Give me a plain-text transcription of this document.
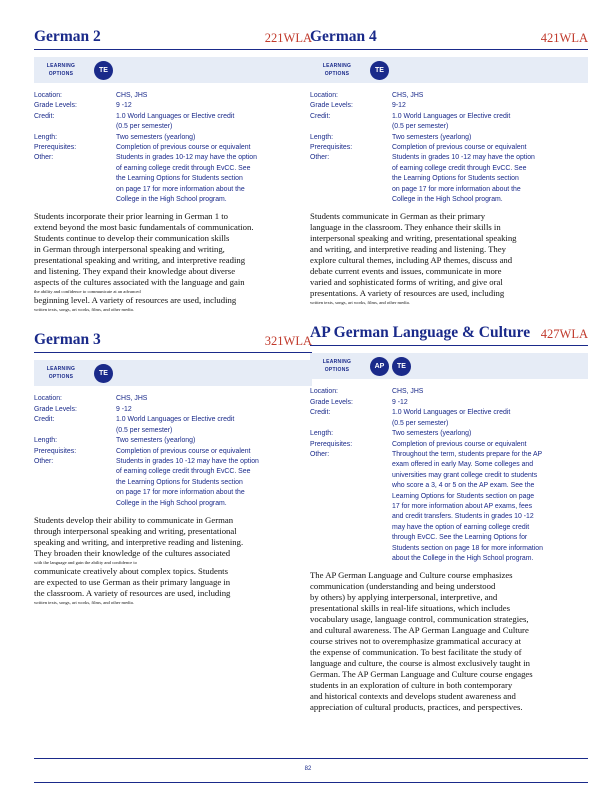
German 2	221WLA
LEARNING
OPTIONS
TE
Location:	CHS, JHS
Grade Levels:	9 -12
Credit:	1.0 World Languages or Elective credit
(0.5 per semester)
Length:	Two semesters (yearlong)
Prerequisites:	Completion of previous course or equivalent
Other:	Students in grades 10-12 may have the option
of earning college credit through EvCC. See
the Learning Options for Students section
on page 17 for more information about the
College in the High School program.
Students incorporate their prior learning in German 1 to
extend beyond the most basic fundamentals of communication.
Students continue to develop their communication skills
in German through interpersonal speaking and writing,
presentational speaking and writing, and interpretive reading
and listening. They expand their knowledge about diverse
aspects of the cultures associated with the language and gain
the ability and confidence to communicate at an advanced
beginning level. A variety of resources are used, including
written texts, songs, art works, films, and other media.
German 3	321WLA
LEARNING
OPTIONS
TE
Location:	CHS, JHS
Grade Levels:	9 -12
Credit:	1.0 World Languages or Elective credit
(0.5 per semester)
Length:	Two semesters (yearlong)
Prerequisites:	Completion of previous course or equivalent
Other:	Students in grades 10 -12 may have the option
of earning college credit through EvCC. See
the Learning Options for Students section
on page 17 for more information about the
College in the High School program.
Students develop their ability to communicate in German
through interpersonal speaking and writing, presentational
speaking and writing, and interpretive reading and listening.
They broaden their knowledge of the cultures associated
with the language and gain the ability and confidence to
communicate creatively about complex topics. Students
are expected to use German as their primary language in
the classroom. A variety of resources are used, including
written texts, songs, art works, films, and other media.
German 4	421WLA
LEARNING
OPTIONS
TE
Location:	CHS, JHS
Grade Levels:	9-12
Credit:	1.0 World Languages or Elective credit
(0.5 per semester)
Length:	Two semesters (yearlong)
Prerequisites:	Completion of previous course or equivalent
Other:	Students in grades 10 -12 may have the option
of earning college credit through EvCC. See
the Learning Options for Students section
on page 17 for more information about the
College in the High School program.
Students communicate in German as their primary
language in the classroom. They enhance their skills in
interpersonal speaking and writing, presentational speaking
and writing, and interpretive reading and listening. They
explore cultural themes, including AP themes, discuss and
debate current events and issues, communicate in more
varied and sophisticated forms of writing, and give oral
presentations. A variety of resources are used, including
written texts, songs, art works, films, and other media.
AP German Language & Culture 427WLA
LEARNING
OPTIONS
AP	TE
Location:	CHS, JHS
Grade Levels:	9 -12
Credit:	1.0 World Languages or Elective credit
(0.5 per semester)
Length:	Two semesters (yearlong)
Prerequisites:	Completion of previous course or equivalent
Other:	Throughout the term, students prepare for the AP
exam offered in early May. Some colleges and
universities may grant college credit to students
who score a 3, 4 or 5 on the AP exam. See the
Learning Options for Students section on page
17 for more information about AP exams, fees
and credit transfers. Students in grades 10 -12
may have the option of earning college credit
through EvCC. See the Learning Options for
Students section on page 18 for more information
about the College in the High School program.
The AP German Language and Culture course emphasizes
communication (understanding and being understood
by others) by applying interpersonal, interpretive, and
presentational skills in real-life situations, which includes
vocabulary usage, language control, communication strategies,
and cultural awareness. The AP German Language and Culture
course strives not to overemphasize grammatical accuracy at
the expense of communication. To best facilitate the study of
language and culture, the course is almost exclusively taught in
German. The AP German Language and Culture course engages
students in an exploration of culture in both contemporary
and historical contexts and develops student awareness and
appreciation of cultural products, practices, and perspectives.
82
